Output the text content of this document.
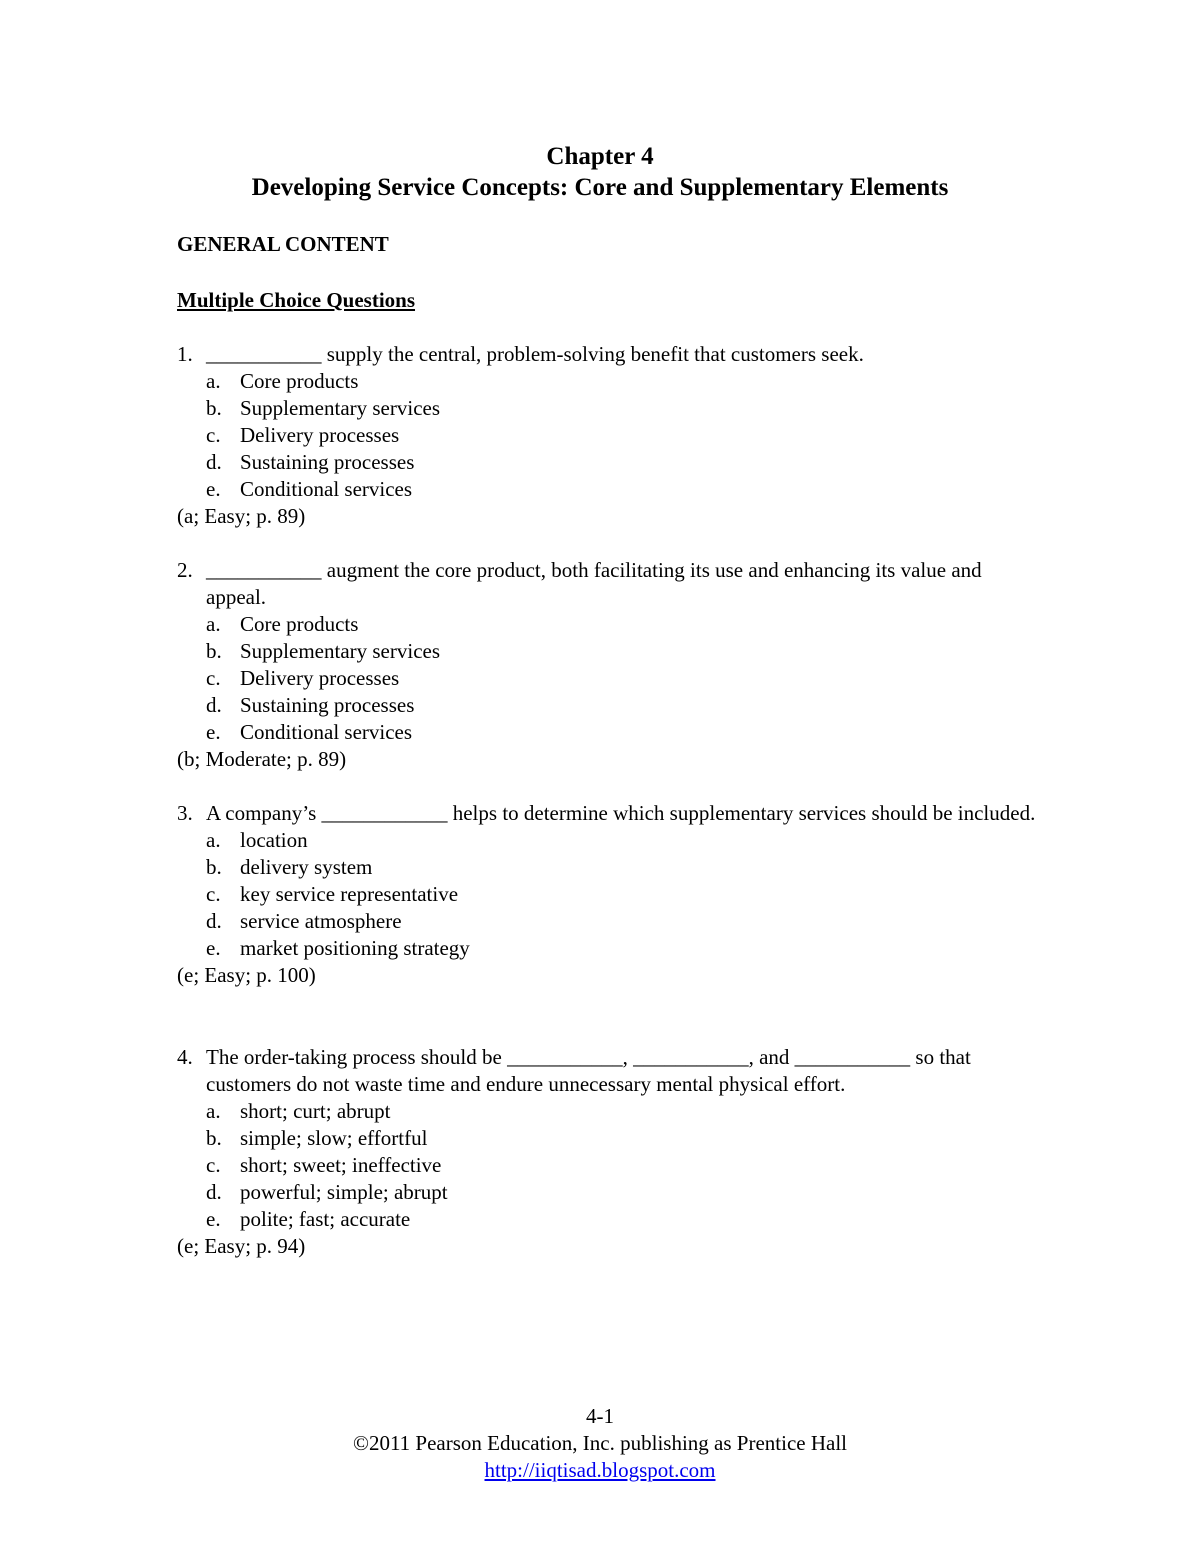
Chapter 4
Developing Service Concepts: Core and Supplementary Elements
GENERAL CONTENT
Multiple Choice Questions
1. ___________ supply the central, problem-solving benefit that customers seek.
a. Core products
b. Supplementary services
c. Delivery processes
d. Sustaining processes
e. Conditional services
(a; Easy; p. 89)
2. ___________ augment the core product, both facilitating its use and enhancing its value and appeal.
a. Core products
b. Supplementary services
c. Delivery processes
d. Sustaining processes
e. Conditional services
(b; Moderate; p. 89)
3. A company’s ____________ helps to determine which supplementary services should be included.
a. location
b. delivery system
c. key service representative
d. service atmosphere
e. market positioning strategy
(e; Easy; p. 100)
4. The order-taking process should be ___________, ___________, and ___________ so that customers do not waste time and endure unnecessary mental physical effort.
a. short; curt; abrupt
b. simple; slow; effortful
c. short; sweet; ineffective
d. powerful; simple; abrupt
e. polite; fast; accurate
(e; Easy; p. 94)
4-1
©2011 Pearson Education, Inc. publishing as Prentice Hall
http://iiqtisad.blogspot.com
